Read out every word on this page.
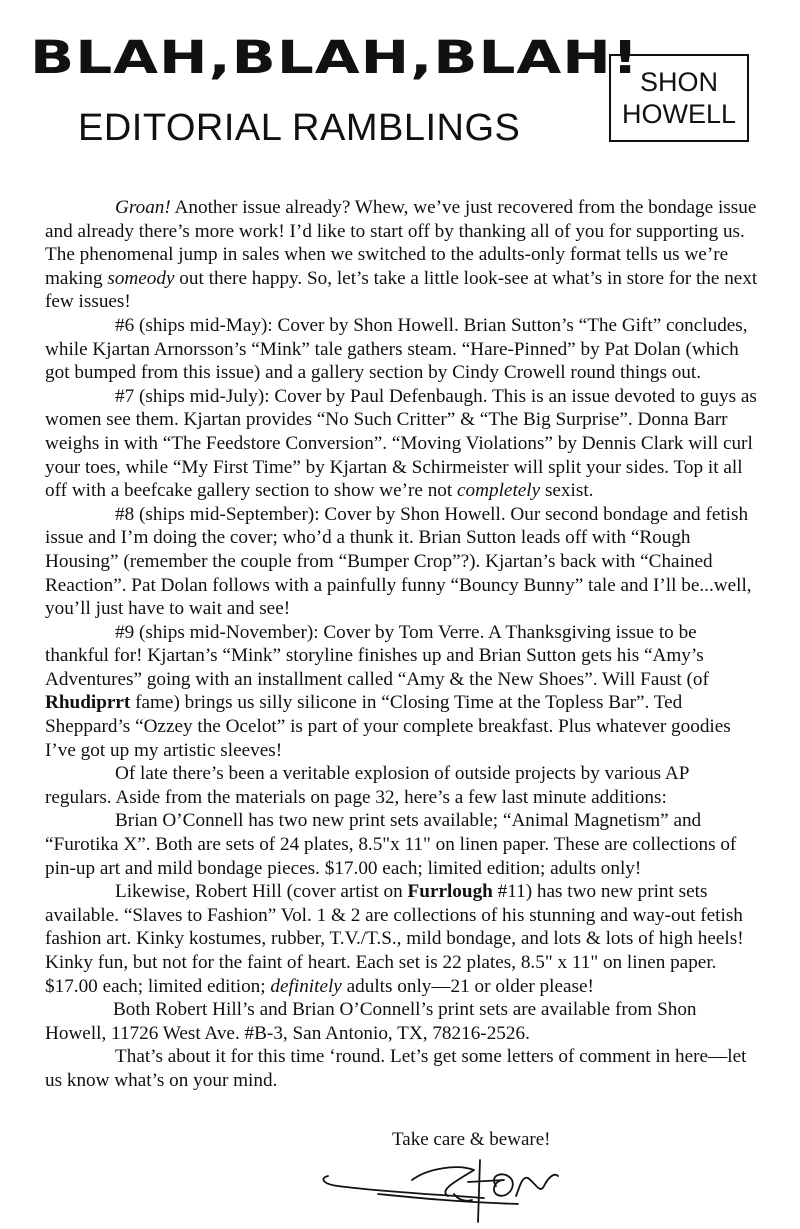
BLAH,BLAH,BLAH!
EDITORIAL RAMBLINGS
SHON
HOWELL

Groan! Another issue already? Whew, we’ve just recovered from the bondage issue and already there’s more work! I’d like to start off by thanking all of you for supporting us. The phenomenal jump in sales when we switched to the adults-only format tells us we’re making someody out there happy. So, let’s take a little look-see at what’s in store for the next few issues!

#6 (ships mid-May): Cover by Shon Howell. Brian Sutton’s “The Gift” concludes, while Kjartan Arnorsson’s “Mink” tale gathers steam. “Hare-Pinned” by Pat Dolan (which got bumped from this issue) and a gallery section by Cindy Crowell round things out.

#7 (ships mid-July): Cover by Paul Defenbaugh. This is an issue devoted to guys as women see them. Kjartan provides “No Such Critter” & “The Big Surprise”. Donna Barr weighs in with “The Feedstore Conversion”. “Moving Violations” by Dennis Clark will curl your toes, while “My First Time” by Kjartan & Schirmeister will split your sides. Top it all off with a beefcake gallery section to show we’re not completely sexist.

#8 (ships mid-September): Cover by Shon Howell. Our second bondage and fetish issue and I’m doing the cover; who’d a thunk it. Brian Sutton leads off with “Rough Housing” (remember the couple from “Bumper Crop”?). Kjartan’s back with “Chained Reaction”. Pat Dolan follows with a painfully funny “Bouncy Bunny” tale and I’ll be...well, you’ll just have to wait and see!

#9 (ships mid-November): Cover by Tom Verre. A Thanksgiving issue to be thankful for! Kjartan’s “Mink” storyline finishes up and Brian Sutton gets his “Amy’s Adventures” going with an installment called “Amy & the New Shoes”. Will Faust (of Rhudiprrt fame) brings us silly silicone in “Closing Time at the Topless Bar”. Ted Sheppard’s “Ozzey the Ocelot” is part of your complete breakfast. Plus whatever goodies I’ve got up my artistic sleeves!

Of late there’s been a veritable explosion of outside projects by various AP regulars. Aside from the materials on page 32, here’s a few last minute additions:

Brian O’Connell has two new print sets available; “Animal Magnetism” and “Furotika X”. Both are sets of 24 plates, 8.5"x 11" on linen paper. These are collections of pin-up art and mild bondage pieces. $17.00 each; limited edition; adults only!

Likewise, Robert Hill (cover artist on Furrlough #11) has two new print sets available. “Slaves to Fashion” Vol. 1 & 2 are collections of his stunning and way-out fetish fashion art. Kinky kostumes, rubber, T.V./T.S., mild bondage, and lots & lots of high heels! Kinky fun, but not for the faint of heart. Each set is 22 plates, 8.5" x 11" on linen paper. $17.00 each; limited edition; definitely adults only—21 or older please!

Both Robert Hill’s and Brian O’Connell’s print sets are available from Shon Howell, 11726 West Ave. #B-3, San Antonio, TX, 78216-2526.

That’s about it for this time ‘round. Let’s get some letters of comment in here—let us know what’s on your mind.

Take care & beware!
